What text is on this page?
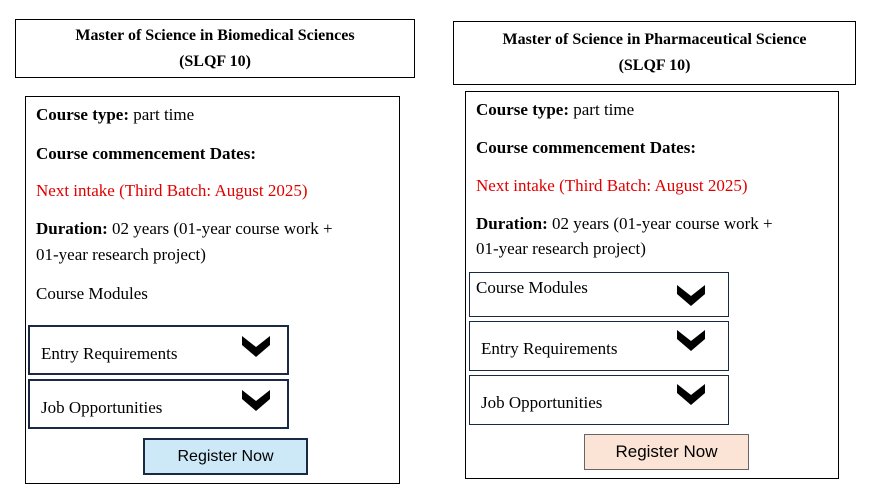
Master of Science in Biomedical Sciences
(SLQF 10)
Course type: part time
Course commencement Dates:
Next intake (Third Batch: August 2025)
Duration: 02 years (01-year course work +
01-year research project)
Course Modules
Entry Requirements
Job Opportunities
Register Now
Master of Science in Pharmaceutical Science
(SLQF 10)
Course type: part time
Course commencement Dates:
Next intake (Third Batch: August 2025)
Duration: 02 years (01-year course work +
01-year research project)
Course Modules
Entry Requirements
Job Opportunities
Register Now
